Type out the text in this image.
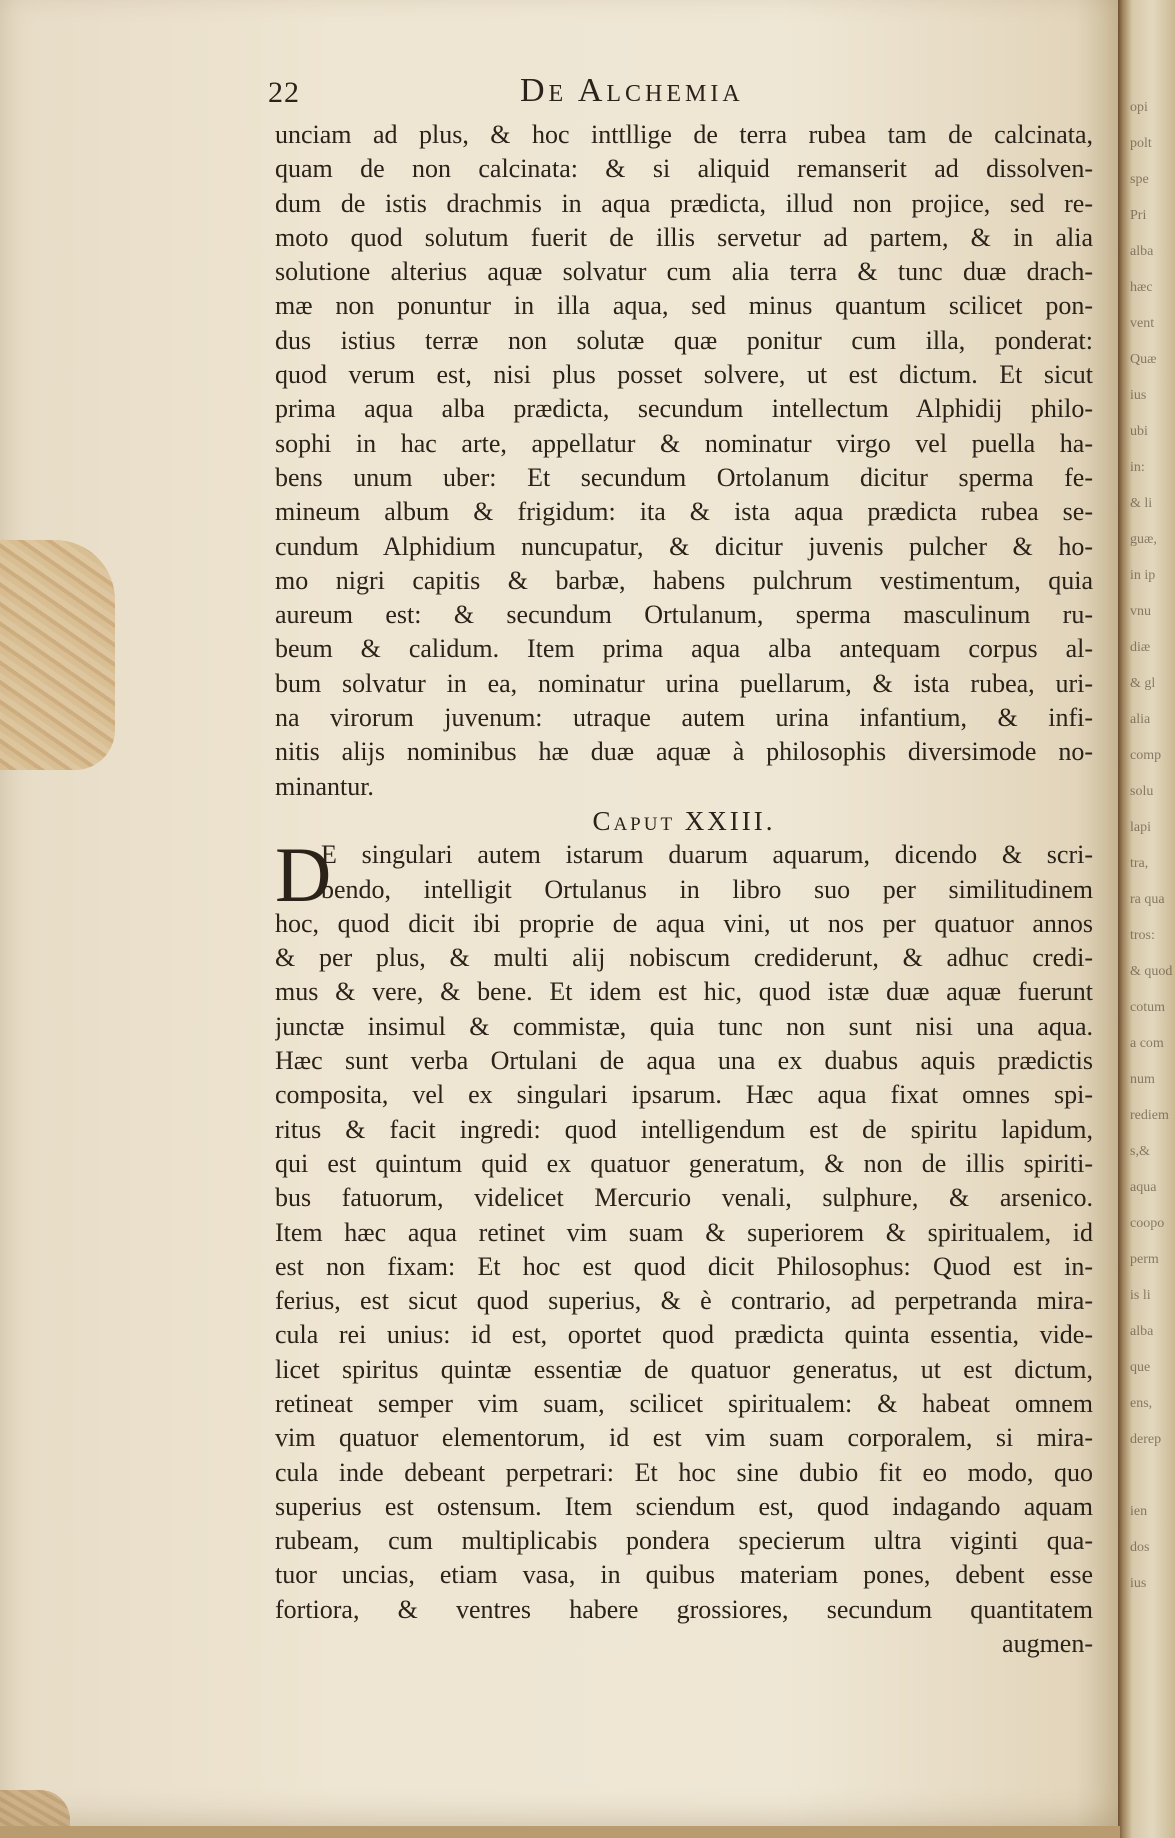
opi
polt
spe
Pri
alba
hæc
vent
Quæ
ius
ubi
in:
& li
guæ,
in ip
vnu
diæ
& gl
alia
comp
solu
lapi
tra,
ra qua
tros:
& quod
cotum
a com
num
rediem
s,&
aqua
coopo
perm
is li
alba
que
ens,
derep

ien
dos
ius
22	De Alchemia
D
unciam ad plus, & hoc inttllige de terra rubea tam de calcinata,
quam de non calcinata: & si aliquid remanserit ad dissolven-
dum de istis drachmis in aqua prædicta, illud non projice, sed re-
moto quod solutum fuerit de illis servetur ad partem, & in alia
solutione alterius aquæ solvatur cum alia terra & tunc duæ drach-
mæ non ponuntur in illa aqua, sed minus quantum scilicet pon-
dus istius terræ non solutæ quæ ponitur cum illa, ponderat:
quod verum est, nisi plus posset solvere, ut est dictum. Et sicut
prima aqua alba prædicta, secundum intellectum Alphidij philo-
sophi in hac arte, appellatur & nominatur virgo vel puella ha-
bens unum uber: Et secundum Ortolanum dicitur sperma fe-
mineum album & frigidum: ita & ista aqua prædicta rubea se-
cundum Alphidium nuncupatur, & dicitur juvenis pulcher & ho-
mo nigri capitis & barbæ, habens pulchrum vestimentum, quia
aureum est: & secundum Ortulanum, sperma masculinum ru-
beum & calidum. Item prima aqua alba antequam corpus al-
bum solvatur in ea, nominatur urina puellarum, & ista rubea, uri-
na virorum juvenum: utraque autem urina infantium, & infi-
nitis alijs nominibus hæ duæ aquæ à philosophis diversimode no-
minantur.
Caput XXIII.
E singulari autem istarum duarum aquarum, dicendo & scri-
bendo, intelligit Ortulanus in libro suo per similitudinem
hoc, quod dicit ibi proprie de aqua vini, ut nos per quatuor annos
& per plus, & multi alij nobiscum crediderunt, & adhuc credi-
mus & vere, & bene. Et idem est hic, quod istæ duæ aquæ fuerunt
junctæ insimul & commistæ, quia tunc non sunt nisi una aqua.
Hæc sunt verba Ortulani de aqua una ex duabus aquis prædictis
composita, vel ex singulari ipsarum. Hæc aqua fixat omnes spi-
ritus & facit ingredi: quod intelligendum est de spiritu lapidum,
qui est quintum quid ex quatuor generatum, & non de illis spiriti-
bus fatuorum, videlicet Mercurio venali, sulphure, & arsenico.
Item hæc aqua retinet vim suam & superiorem & spiritualem, id
est non fixam: Et hoc est quod dicit Philosophus: Quod est in-
ferius, est sicut quod superius, & è contrario, ad perpetranda mira-
cula rei unius: id est, oportet quod prædicta quinta essentia, vide-
licet spiritus quintæ essentiæ de quatuor generatus, ut est dictum,
retineat semper vim suam, scilicet spiritualem: & habeat omnem
vim quatuor elementorum, id est vim suam corporalem, si mira-
cula inde debeant perpetrari: Et hoc sine dubio fit eo modo, quo
superius est ostensum. Item sciendum est, quod indagando aquam
rubeam, cum multiplicabis pondera specierum ultra viginti qua-
tuor uncias, etiam vasa, in quibus materiam pones, debent esse
fortiora, & ventres habere grossiores, secundum quantitatem
augmen-
